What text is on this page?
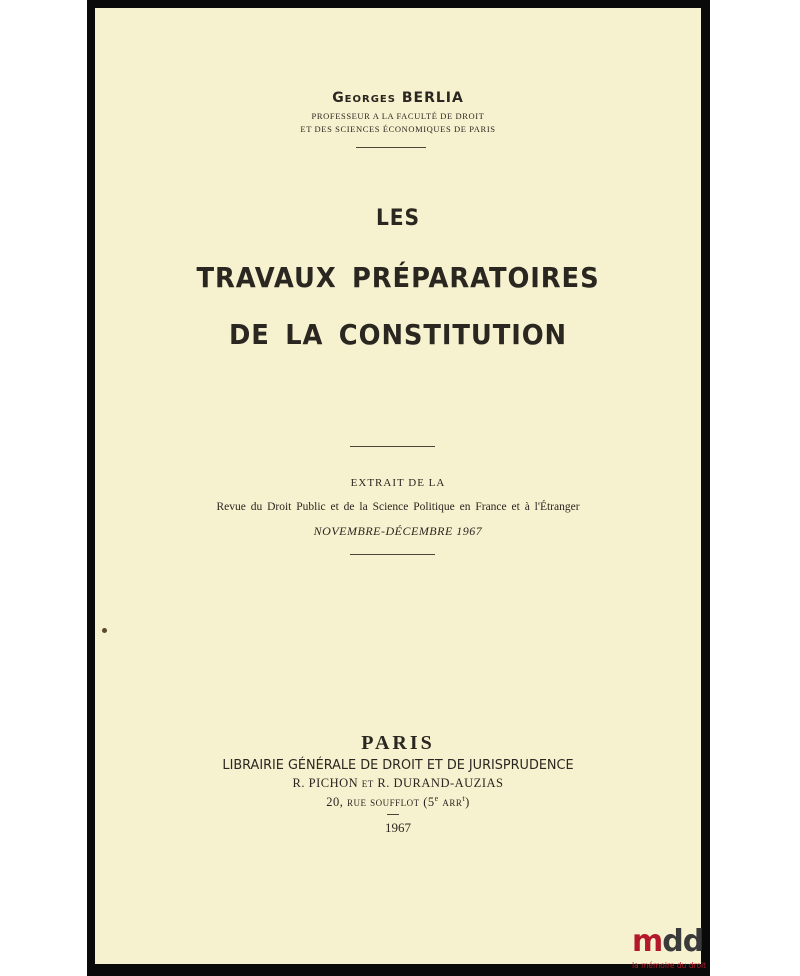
Georges BERLIA
PROFESSEUR A LA FACULTÉ DE DROIT
ET DES SCIENCES ÉCONOMIQUES DE PARIS
LES
TRAVAUX PRÉPARATOIRES
DE LA CONSTITUTION
EXTRAIT DE LA
Revue du Droit Public et de la Science Politique en France et à l'Étranger
NOVEMBRE-DÉCEMBRE 1967
PARIS
LIBRAIRIE GÉNÉRALE DE DROIT ET DE JURISPRUDENCE
R. PICHON et R. DURAND-AUZIAS
20, rue soufflot (5e arr$^t$)
1967
mdd
la mémoire du droit
